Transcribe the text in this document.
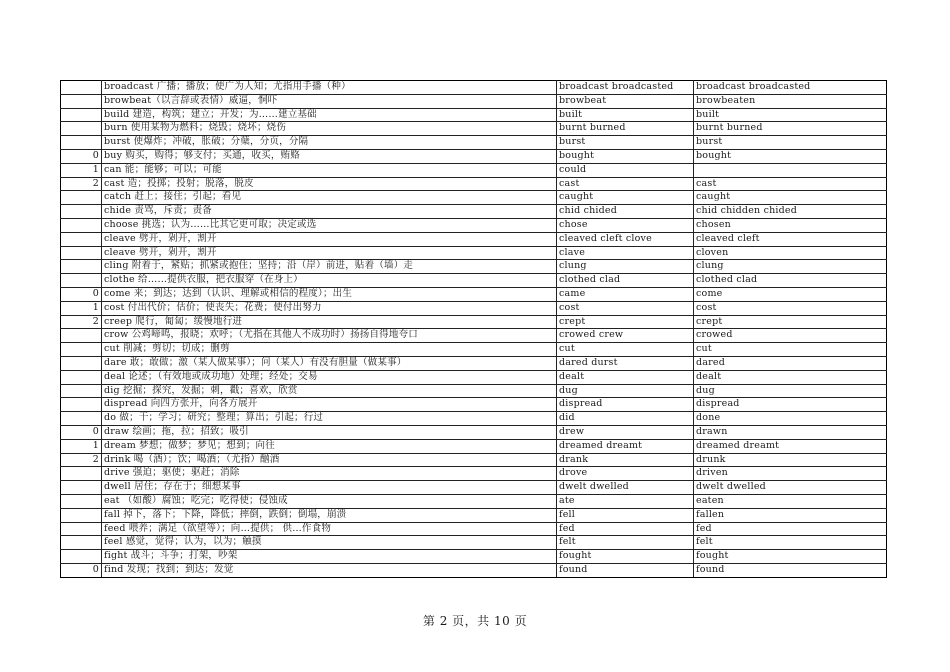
	broadcast 广播；播放；使广为人知；尤指用手播（种）	broadcast broadcasted	broadcast broadcasted
	browbeat（以言辞或表情）威逼，恫吓	browbeat	browbeaten
	build 建造，构筑；建立；开发；为……建立基础	built	built
	burn 使用某物为燃料；烧毁；烧坏；烧伤	burnt burned	burnt burned
	burst 使爆炸；冲破，胀破；分蘖，分页，分隔	burst	burst
0	buy 购买，购得；够支付；买通，收买，贿赂	bought	bought
1	can 能；能够；可以；可能	could	
2	cast 造；投掷；投射；脱落，脱皮	cast	cast
	catch 赶上；接住；引起；看见	caught	caught
	chide 责骂，斥责；责备	chid chided	chid chidden chided
	choose 挑选；认为……比其它更可取；决定或选	chose	chosen
	cleave 劈开，剁开，割开	cleaved cleft clove	cleaved cleft
	cleave 劈开，剁开，割开	clave	cloven
	cling 附着于，紧贴；抓紧或抱住；坚持；沿（岸）前进，贴着（墙）走	clung	clung
	clothe 给……提供衣服，把衣服穿（在身上）	clothed clad	clothed clad
0	come 来；到达；达到（认识、理解或相信的程度）；出生	came	come
1	cost 付出代价；估价；使丧失；花费；使付出努力	cost	cost
2	creep 爬行，匍匐；缓慢地行进	crept	crept
	crow 公鸡啼鸣，报晓；欢呼；（尤指在其他人不成功时）扬扬自得地夸口	crowed crew	crowed
	cut 削减；剪切；切成；删剪	cut	cut
	dare 敢；敢做；激（某人做某事）；问（某人）有没有胆量（做某事）	dared durst	dared
	deal 论述；（有效地或成功地）处理；经处；交易	dealt	dealt
	dig 挖掘；探究，发掘；刺，戳；喜欢，欣赏	dug	dug
	dispread 向四方张开，向各方展开	dispread	dispread
	do 做；干；学习；研究；整理；算出；引起；行过	did	done
0	draw 绘画；拖，拉；招致；吸引	drew	drawn
1	dream 梦想；做梦；梦见；想到；向往	dreamed dreamt	dreamed dreamt
2	drink 喝（酒）；饮；喝酒；（尤指）酗酒	drank	drunk
	drive 强迫；驱使；驱赶；消除	drove	driven
	dwell 居住；存在于；细想某事	dwelt dwelled	dwelt dwelled
	eat （如酸）腐蚀；吃完；吃得使；侵蚀成	ate	eaten
	fall 掉下，落下；下降，降低；摔倒，跌倒；倒塌，崩溃	fell	fallen
	feed 喂养；满足（欲望等）；向…提供； 供…作食物	fed	fed
	feel 感觉，觉得；认为，以为；触摸	felt	felt
	fight 战斗；斗争；打架，吵架	fought	fought
0	find 发现；找到；到达；发觉	found	found
第 2 页，共 10 页
